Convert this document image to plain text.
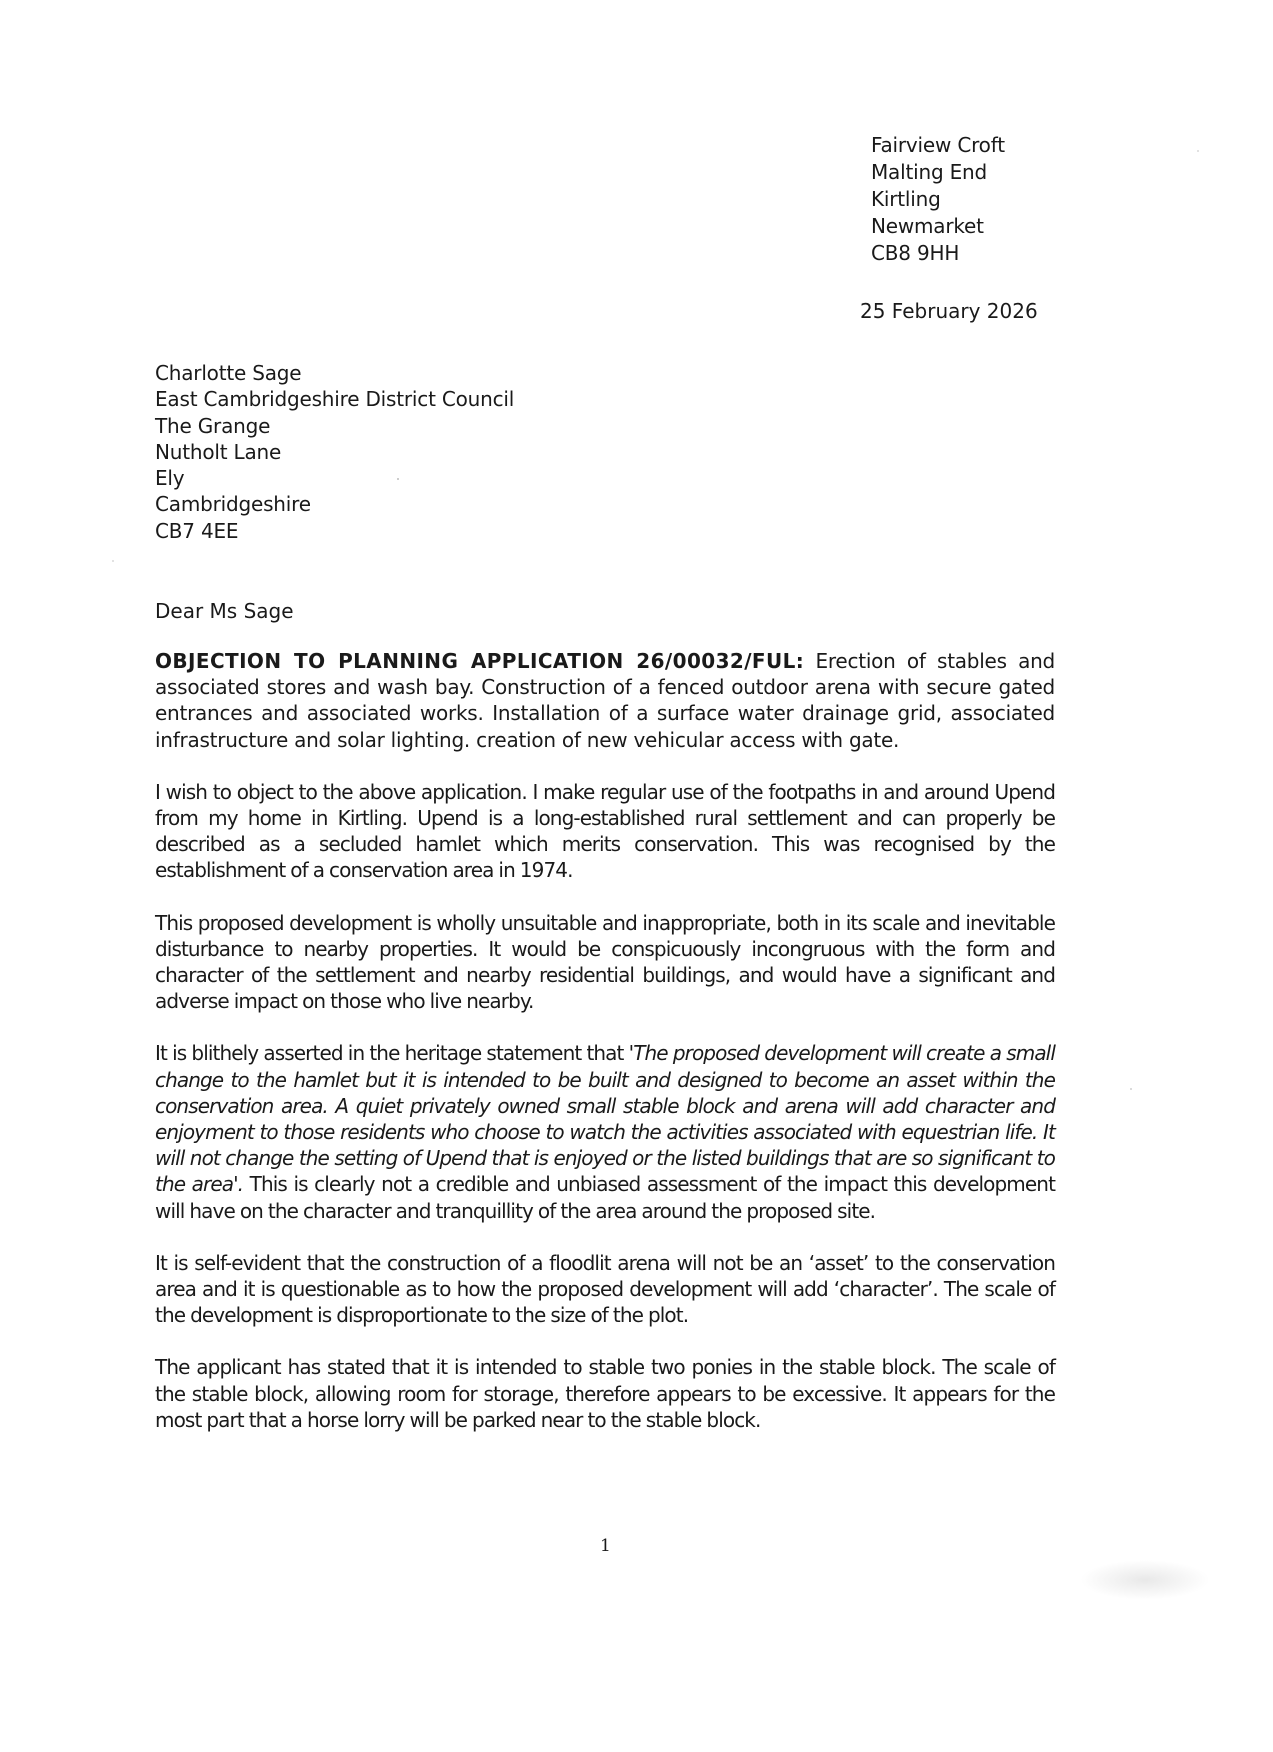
Fairview Croft
Malting End
Kirtling
Newmarket
CB8 9HH
25 February 2026
Charlotte Sage
East Cambridgeshire District Council
The Grange
Nutholt Lane
Ely
Cambridgeshire
CB7 4EE
Dear Ms Sage

OBJECTION TO PLANNING APPLICATION 26/00032/FUL: Erection of stables and associated stores and wash bay. Construction of a fenced outdoor arena with secure gated entrances and associated works. Installation of a surface water drainage grid, associated infrastructure and solar lighting. creation of new vehicular access with gate.

I wish to object to the above application. I make regular use of the footpaths in and around Upend from my home in Kirtling. Upend is a long-established rural settlement and can properly be described as a secluded hamlet which merits conservation. This was recognised by the establishment of a conservation area in 1974.

This proposed development is wholly unsuitable and inappropriate, both in its scale and inevitable disturbance to nearby properties. It would be conspicuously incongruous with the form and character of the settlement and nearby residential buildings, and would have a significant and adverse impact on those who live nearby.

It is blithely asserted in the heritage statement that 'The proposed development will create a small change to the hamlet but it is intended to be built and designed to become an asset within the conservation area. A quiet privately owned small stable block and arena will add character and enjoyment to those residents who choose to watch the activities associated with equestrian life. It will not change the setting of Upend that is enjoyed or the listed buildings that are so significant to the area'. This is clearly not a credible and unbiased assessment of the impact this development will have on the character and tranquillity of the area around the proposed site.

It is self-evident that the construction of a floodlit arena will not be an ‘asset’ to the conservation area and it is questionable as to how the proposed development will add ‘character’. The scale of the development is disproportionate to the size of the plot.

The applicant has stated that it is intended to stable two ponies in the stable block. The scale of the stable block, allowing room for storage, therefore appears to be excessive. It appears for the most part that a horse lorry will be parked near to the stable block.

1
